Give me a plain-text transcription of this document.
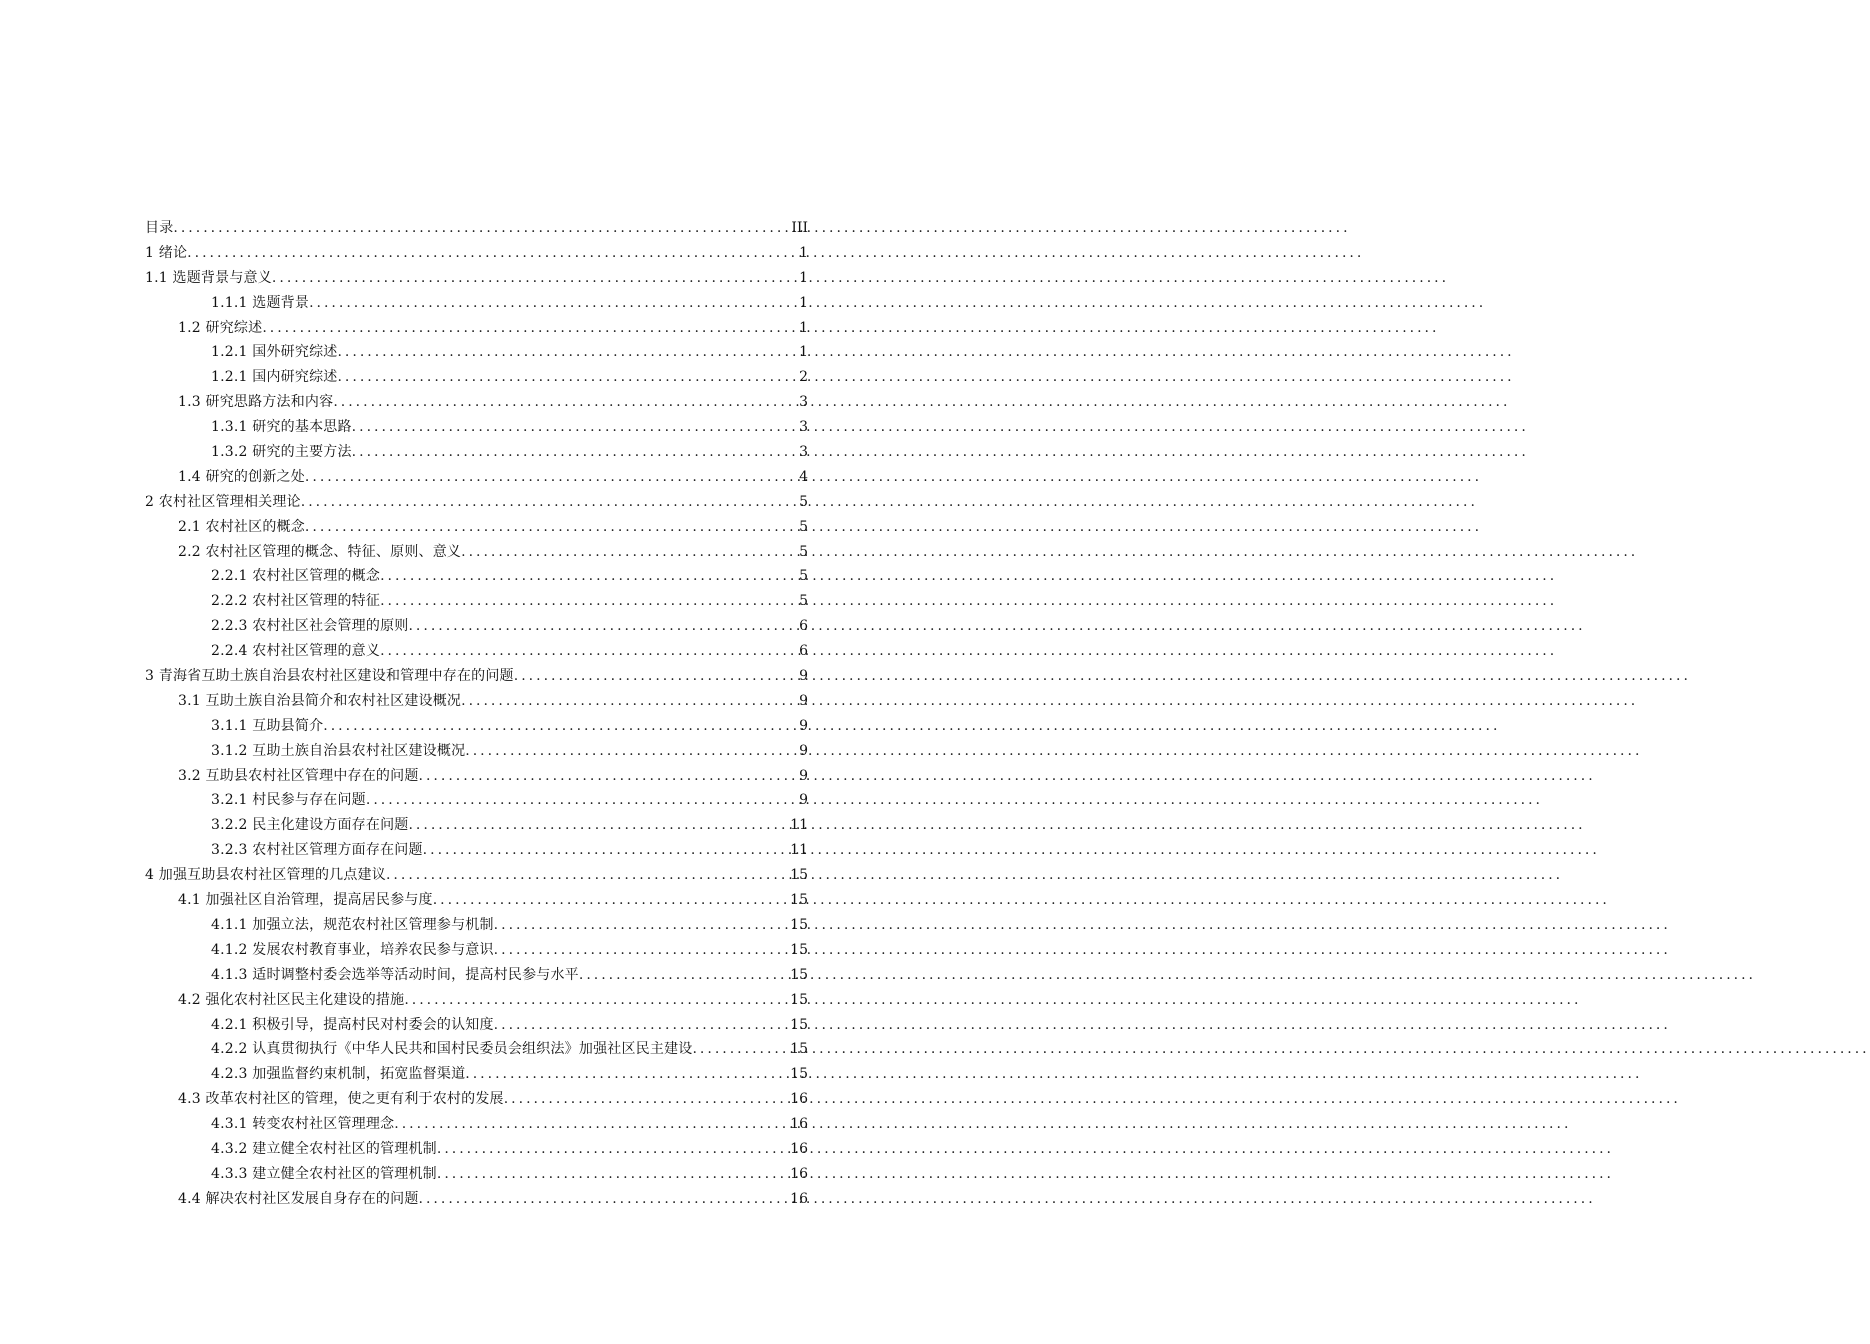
目录 .....	III
1 绪论 .....	1
1.1 选题背景与意义 .....	1
1.1.1 选题背景 .....	1
1.2 研究综述 .....	1
1.2.1 国外研究综述 .....	1
1.2.1 国内研究综述 .....	2
1.3 研究思路方法和内容 .....	3
1.3.1 研究的基本思路 .....	3
1.3.2 研究的主要方法 .....	3
1.4 研究的创新之处 .....	4
2 农村社区管理相关理论 .....	5
2.1 农村社区的概念 .....	5
2.2 农村社区管理的概念、特征、原则、意义 .....	5
2.2.1 农村社区管理的概念 .....	5
2.2.2 农村社区管理的特征 .....	5
2.2.3 农村社区社会管理的原则 .....	6
2.2.4 农村社区管理的意义 .....	6
3 青海省互助土族自治县农村社区建设和管理中存在的问题 .....	9
3.1 互助土族自治县简介和农村社区建设概况 .....	9
3.1.1 互助县简介 .....	9
3.1.2 互助土族自治县农村社区建设概况 .....	9
3.2 互助县农村社区管理中存在的问题 .....	9
3.2.1 村民参与存在问题 .....	9
3.2.2 民主化建设方面存在问题 .....	11
3.2.3 农村社区管理方面存在问题 .....	11
4 加强互助县农村社区管理的几点建议 .....	15
4.1 加强社区自治管理，提高居民参与度 .....	15
4.1.1 加强立法，规范农村社区管理参与机制 .....	15
4.1.2 发展农村教育事业，培养农民参与意识 .....	15
4.1.3 适时调整村委会选举等活动时间，提高村民参与水平 .....	15
4.2 强化农村社区民主化建设的措施 .....	15
4.2.1 积极引导，提高村民对村委会的认知度 .....	15
4.2.2 认真贯彻执行《中华人民共和国村民委员会组织法》加强社区民主建设 .....	15
4.2.3 加强监督约束机制，拓宽监督渠道 .....	15
4.3 改革农村社区的管理，使之更有利于农村的发展 .....	16
4.3.1 转变农村社区管理理念 .....	16
4.3.2 建立健全农村社区的管理机制 .....	16
4.3.3 建立健全农村社区的管理机制 .....	16
4.4 解决农村社区发展自身存在的问题 .....	16
